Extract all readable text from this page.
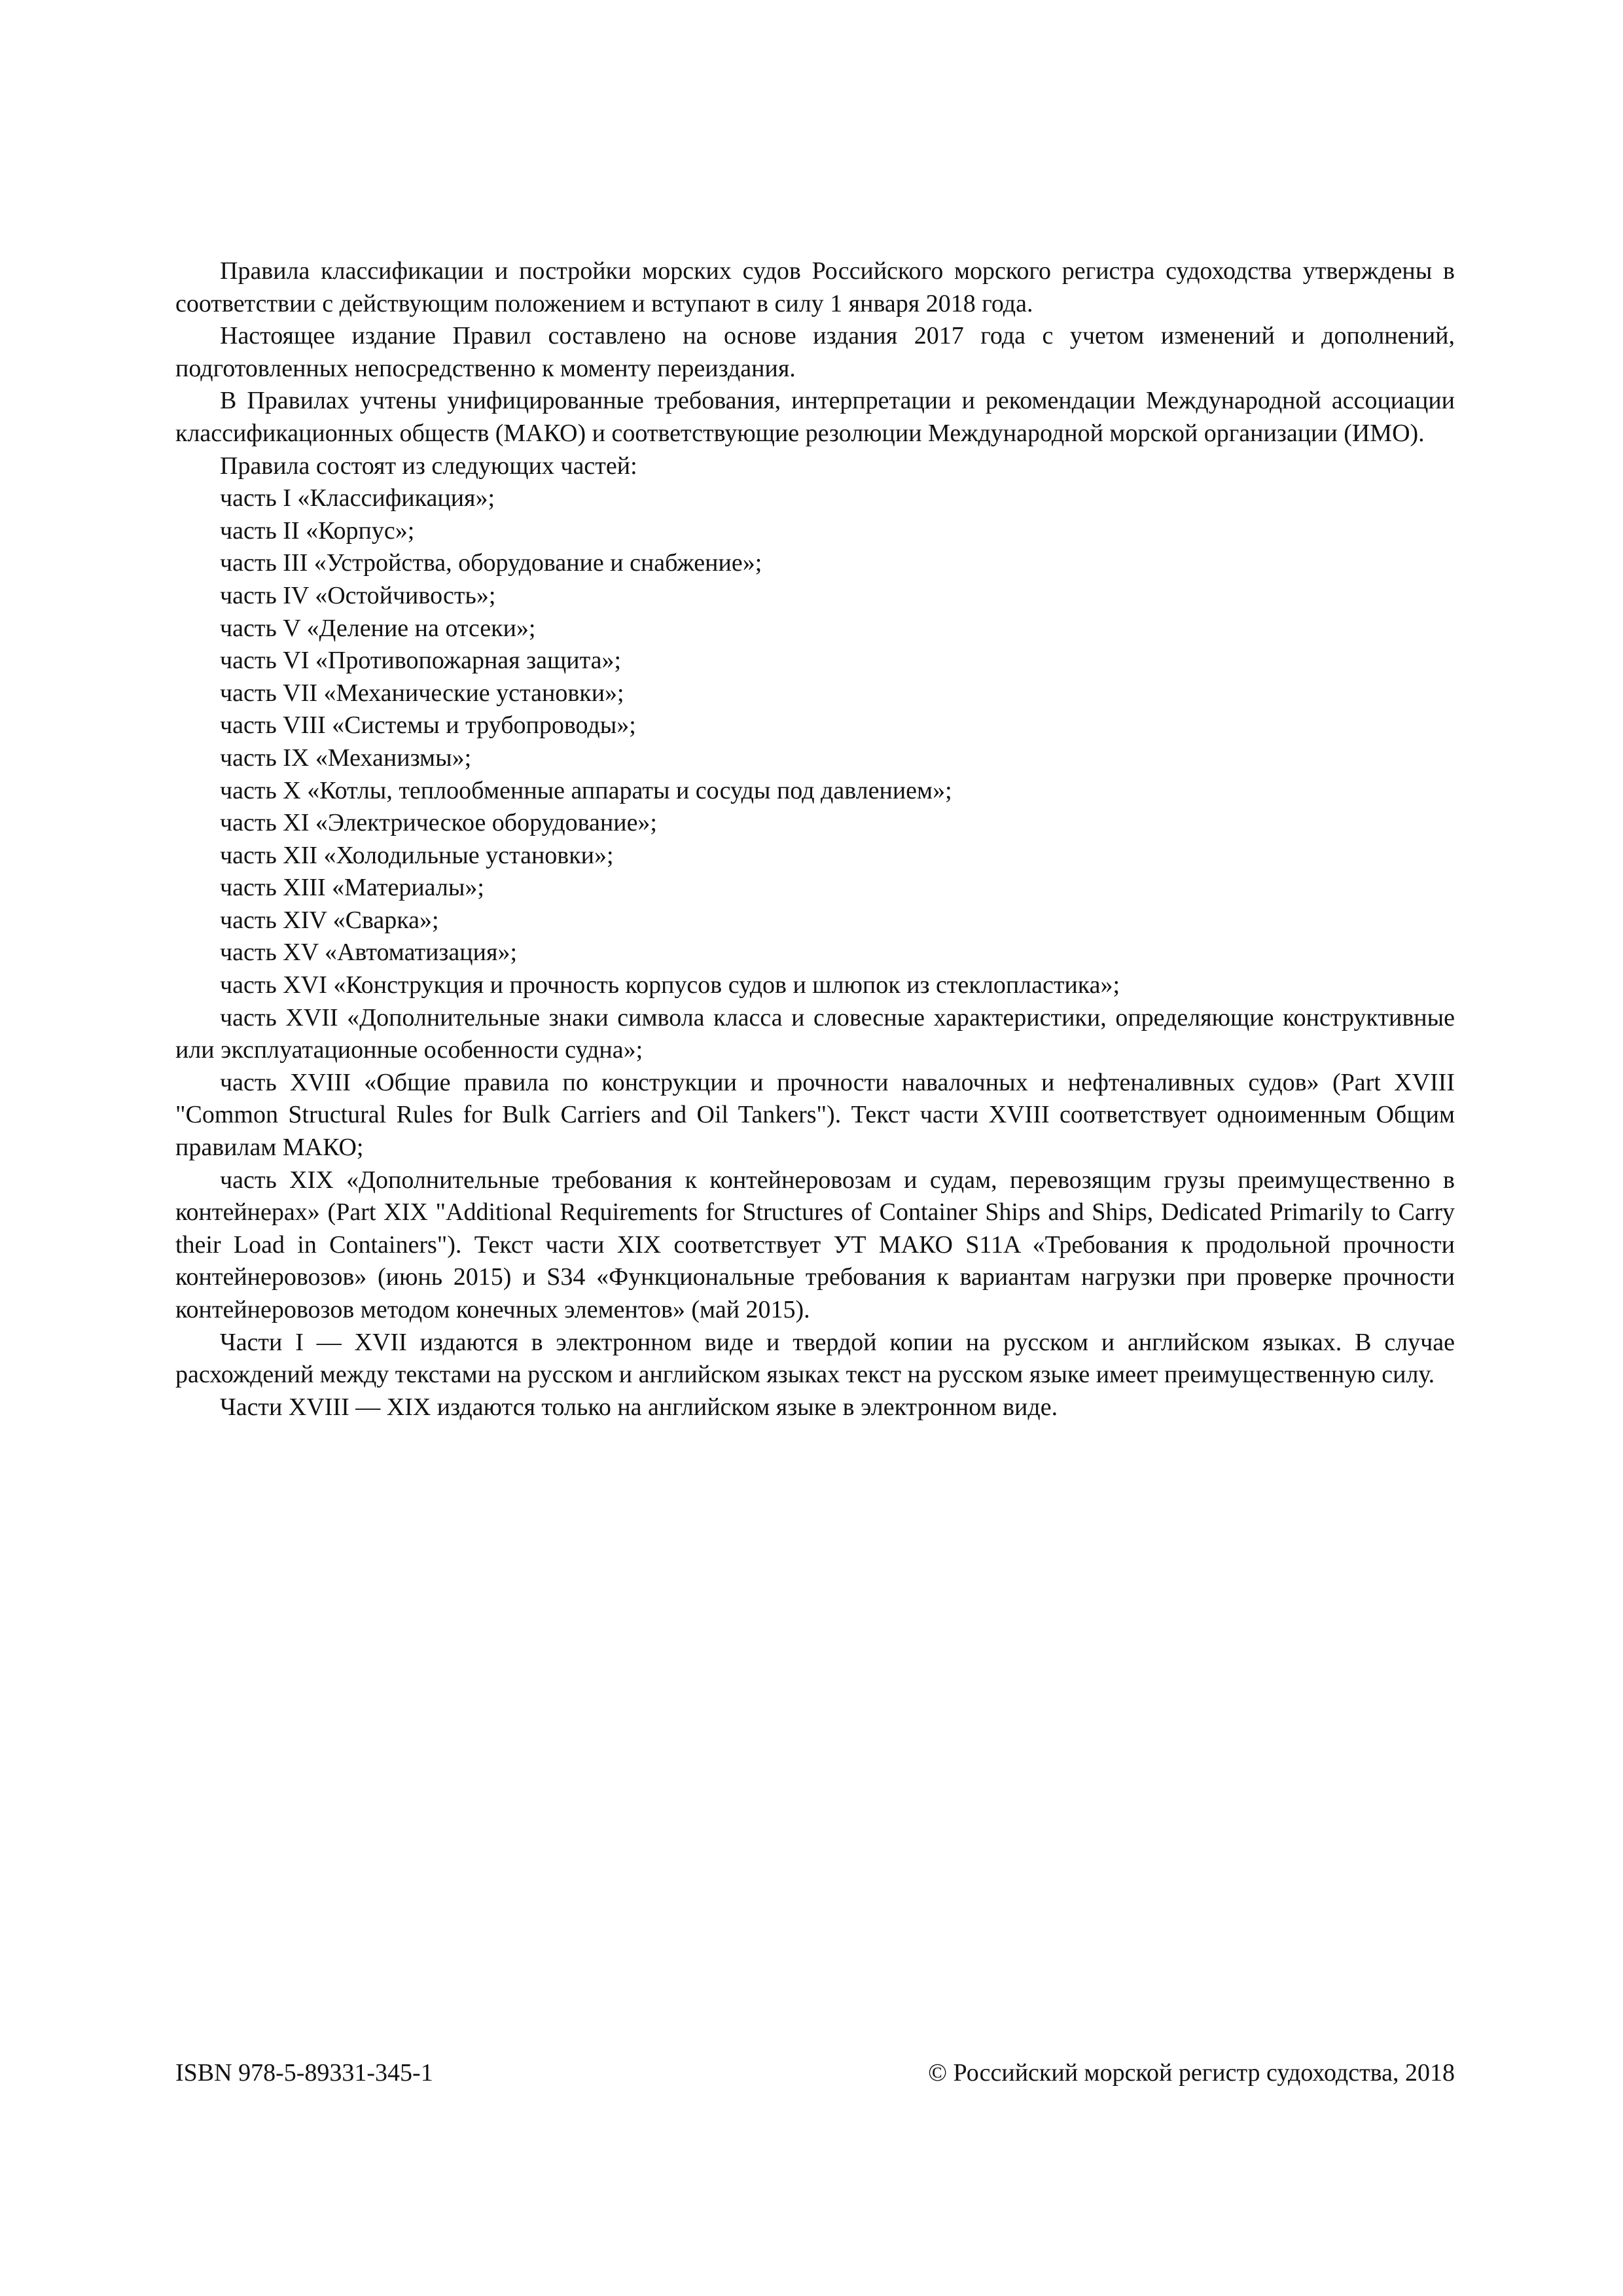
Правила классификации и постройки морских судов Российского морского регистра судоходства утверждены в соответствии с действующим положением и вступают в силу 1 января 2018 года.

Настоящее издание Правил составлено на основе издания 2017 года с учетом изменений и дополнений, подготовленных непосредственно к моменту переиздания.

В Правилах учтены унифицированные требования, интерпретации и рекомендации Международной ассоциации классификационных обществ (МАКО) и соответствующие резолюции Международной морской организации (ИМО).

Правила состоят из следующих частей:

часть I «Классификация»;

часть II «Корпус»;

часть III «Устройства, оборудование и снабжение»;

часть IV «Остойчивость»;

часть V «Деление на отсеки»;

часть VI «Противопожарная защита»;

часть VII «Механические установки»;

часть VIII «Системы и трубопроводы»;

часть IX «Механизмы»;

часть X «Котлы, теплообменные аппараты и сосуды под давлением»;

часть XI «Электрическое оборудование»;

часть XII «Холодильные установки»;

часть XIII «Материалы»;

часть XIV «Сварка»;

часть XV «Автоматизация»;

часть XVI «Конструкция и прочность корпусов судов и шлюпок из стеклопластика»;

часть XVII «Дополнительные знаки символа класса и словесные характеристики, определяющие конструктивные или эксплуатационные особенности судна»;

часть XVIII «Общие правила по конструкции и прочности навалочных и нефтеналивных судов» (Part XVIII "Common Structural Rules for Bulk Carriers and Oil Tankers"). Текст части XVIII соответствует одноименным Общим правилам МАКО;

часть XIX «Дополнительные требования к контейнеровозам и судам, перевозящим грузы преимущественно в контейнерах» (Part XIX "Additional Requirements for Structures of Container Ships and Ships, Dedicated Primarily to Carry their Load in Containers"). Текст части XIX соответствует УТ МАКО S11A «Требования к продольной прочности контейнеровозов» (июнь 2015) и S34 «Функциональные требования к вариантам нагрузки при проверке прочности контейнеровозов методом конечных элементов» (май 2015).

Части I — XVII издаются в электронном виде и твердой копии на русском и английском языках. В случае расхождений между текстами на русском и английском языках текст на русском языке имеет преимущественную силу.

Части XVIII — XIX издаются только на английском языке в электронном виде.

ISBN 978-5-89331-345-1	© Российский морской регистр судоходства, 2018
